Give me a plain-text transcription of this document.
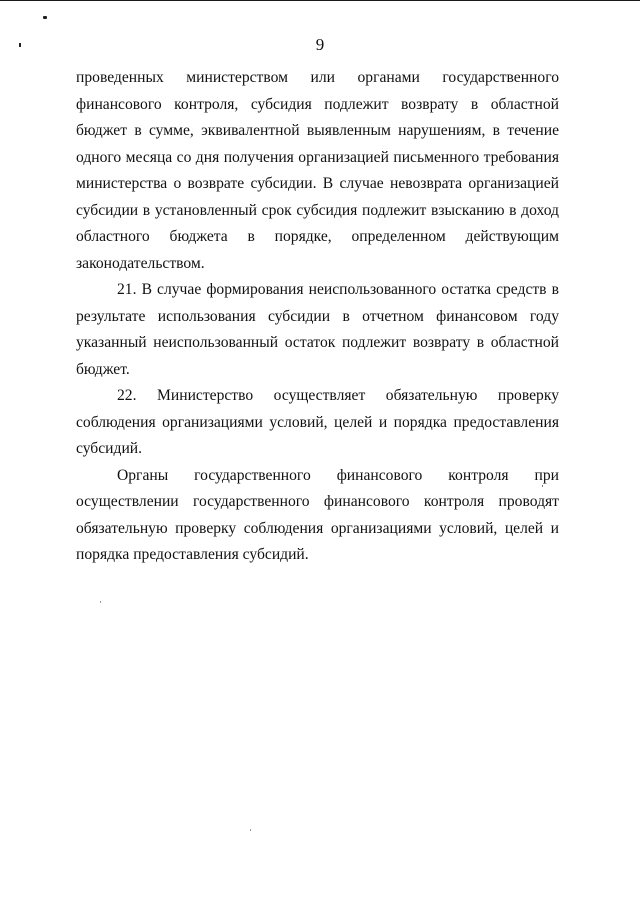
9

проведенных министерством или органами государственного финансового контроля, субсидия подлежит возврату в областной бюджет в сумме, эквивалентной выявленным нарушениям, в течение одного месяца со дня получения организацией письменного требования министерства о возврате субсидии. В случае невозврата организацией субсидии в установленный срок субсидия подлежит взысканию в доход областного бюджета в порядке, определенном действующим законодательством.

21. В случае формирования неиспользованного остатка средств в результате использования субсидии в отчетном финансовом году указанный неиспользованный остаток подлежит возврату в областной бюджет.

22. Министерство осуществляет обязательную проверку соблюдения организациями условий, целей и порядка предоставления субсидий.

Органы государственного финансового контроля при осуществлении государственного финансового контроля проводят обязательную проверку соблюдения организациями условий, целей и порядка предоставления субсидий.
